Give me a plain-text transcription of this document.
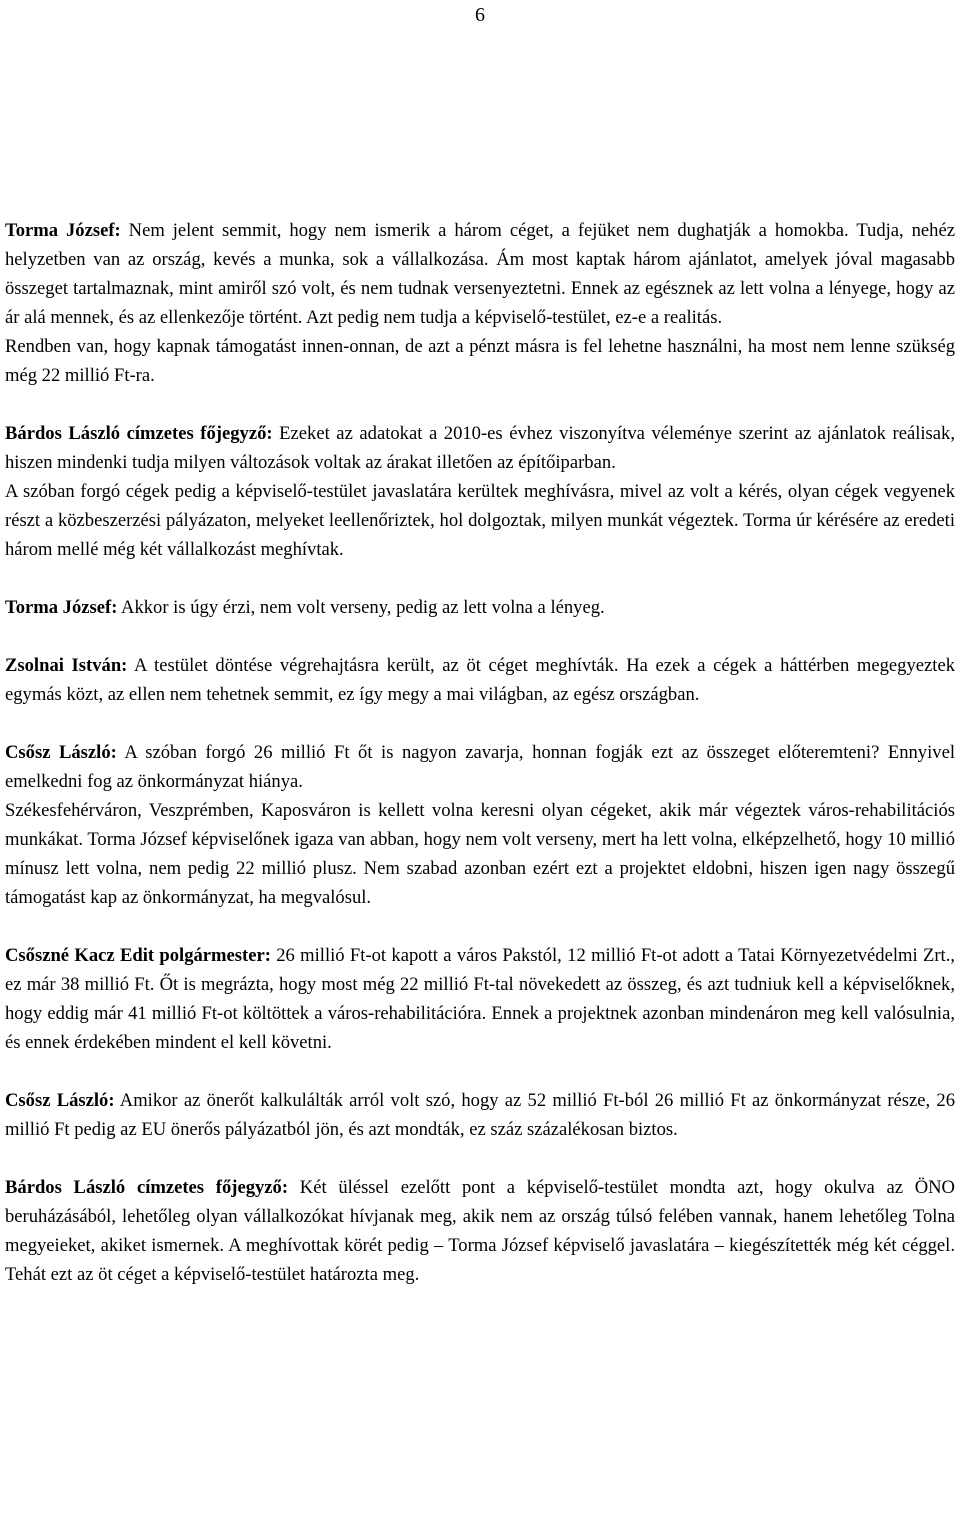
6

Torma József: Nem jelent semmit, hogy nem ismerik a három céget, a fejüket nem dughatják a homokba. Tudja, nehéz helyzetben van az ország, kevés a munka, sok a vállalkozása. Ám most kaptak három ajánlatot, amelyek jóval magasabb összeget tartalmaznak, mint amiről szó volt, és nem tudnak versenyeztetni. Ennek az egésznek az lett volna a lényege, hogy az ár alá mennek, és az ellenkezője történt. Azt pedig nem tudja a képviselő-testület, ez-e a realitás.

Rendben van, hogy kapnak támogatást innen-onnan, de azt a pénzt másra is fel lehetne használni, ha most nem lenne szükség még 22 millió Ft-ra.

Bárdos László címzetes főjegyző: Ezeket az adatokat a 2010-es évhez viszonyítva véleménye szerint az ajánlatok reálisak, hiszen mindenki tudja milyen változások voltak az árakat illetően az építőiparban.

A szóban forgó cégek pedig a képviselő-testület javaslatára kerültek meghívásra, mivel az volt a kérés, olyan cégek vegyenek részt a közbeszerzési pályázaton, melyeket leellenőriztek, hol dolgoztak, milyen munkát végeztek. Torma úr kérésére az eredeti három mellé még két vállalkozást meghívtak.

Torma József: Akkor is úgy érzi, nem volt verseny, pedig az lett volna a lényeg.

Zsolnai István: A testület döntése végrehajtásra került, az öt céget meghívták. Ha ezek a cégek a háttérben megegyeztek egymás közt, az ellen nem tehetnek semmit, ez így megy a mai világban, az egész országban.

Csősz László: A szóban forgó 26 millió Ft őt is nagyon zavarja, honnan fogják ezt az összeget előteremteni? Ennyivel emelkedni fog az önkormányzat hiánya.

Székesfehérváron, Veszprémben, Kaposváron is kellett volna keresni olyan cégeket, akik már végeztek város-rehabilitációs munkákat. Torma József képviselőnek igaza van abban, hogy nem volt verseny, mert ha lett volna, elképzelhető, hogy 10 millió mínusz lett volna, nem pedig 22 millió plusz. Nem szabad azonban ezért ezt a projektet eldobni, hiszen igen nagy összegű támogatást kap az önkormányzat, ha megvalósul.

Csőszné Kacz Edit polgármester: 26 millió Ft-ot kapott a város Pakstól, 12 millió Ft-ot adott a Tatai Környezetvédelmi Zrt., ez már 38 millió Ft. Őt is megrázta, hogy most még 22 millió Ft-tal növekedett az összeg, és azt tudniuk kell a képviselőknek, hogy eddig már 41 millió Ft-ot költöttek a város-rehabilitációra. Ennek a projektnek azonban mindenáron meg kell valósulnia, és ennek érdekében mindent el kell követni.

Csősz László: Amikor az önerőt kalkulálták arról volt szó, hogy az 52 millió Ft-ból 26 millió Ft az önkormányzat része, 26 millió Ft pedig az EU önerős pályázatból jön, és azt mondták, ez száz százalékosan biztos.

Bárdos László címzetes főjegyző: Két üléssel ezelőtt pont a képviselő-testület mondta azt, hogy okulva az ÖNO beruházásából, lehetőleg olyan vállalkozókat hívjanak meg, akik nem az ország túlsó felében vannak, hanem lehetőleg Tolna megyeieket, akiket ismernek. A meghívottak körét pedig – Torma József képviselő javaslatára – kiegészítették még két céggel. Tehát ezt az öt céget a képviselő-testület határozta meg.
